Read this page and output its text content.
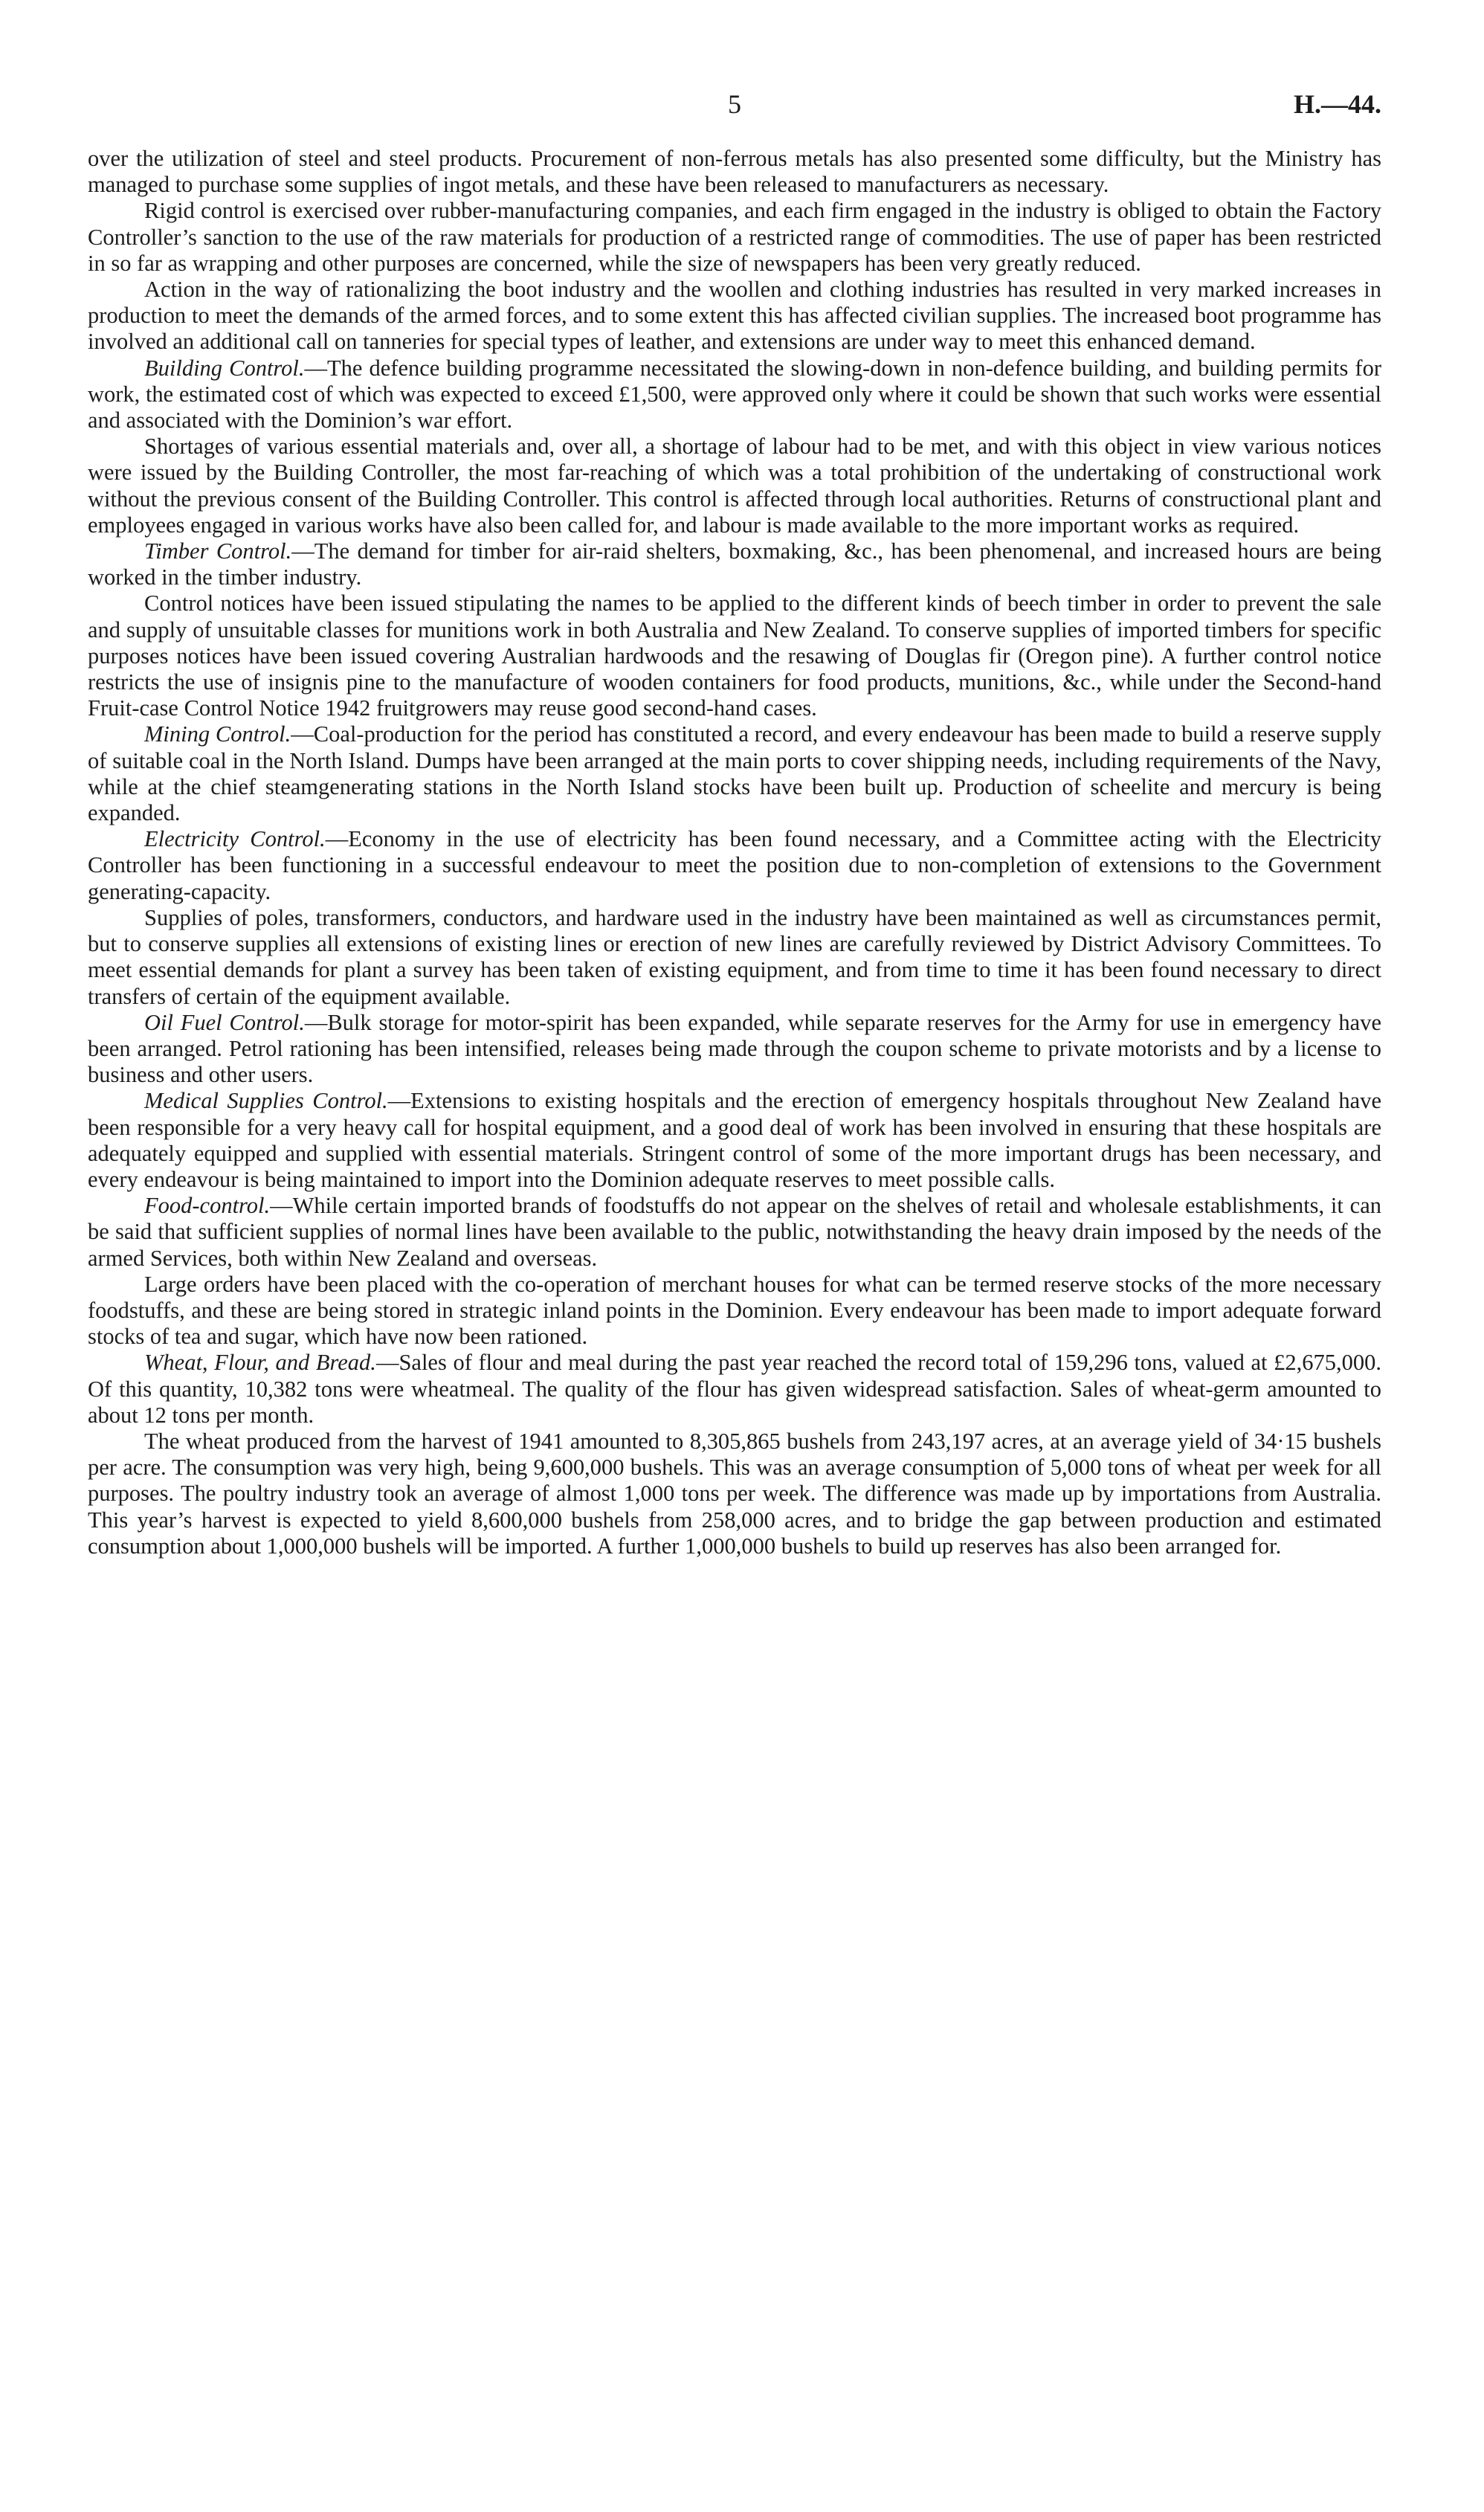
5	H.—44.

over the utilization of steel and steel products. Procurement of non-ferrous metals has also presented some difficulty, but the Ministry has managed to purchase some supplies of ingot metals, and these have been released to manufacturers as necessary.

Rigid control is exercised over rubber-manufacturing companies, and each firm engaged in the industry is obliged to obtain the Factory Controller’s sanction to the use of the raw materials for production of a restricted range of commodities. The use of paper has been restricted in so far as wrapping and other purposes are concerned, while the size of newspapers has been very greatly reduced.

Action in the way of rationalizing the boot industry and the woollen and clothing industries has resulted in very marked increases in production to meet the demands of the armed forces, and to some extent this has affected civilian supplies. The increased boot programme has involved an additional call on tanneries for special types of leather, and extensions are under way to meet this enhanced demand.

Building Control.—The defence building programme necessitated the slowing-down in non-defence building, and building permits for work, the estimated cost of which was expected to exceed £1,500, were approved only where it could be shown that such works were essential and associated with the Dominion’s war effort.

Shortages of various essential materials and, over all, a shortage of labour had to be met, and with this object in view various notices were issued by the Building Controller, the most far-reaching of which was a total prohibition of the undertaking of constructional work without the previous consent of the Building Controller. This control is affected through local authorities. Returns of constructional plant and employees engaged in various works have also been called for, and labour is made available to the more important works as required.

Timber Control.—The demand for timber for air-raid shelters, boxmaking, &c., has been phenomenal, and increased hours are being worked in the timber industry.

Control notices have been issued stipulating the names to be applied to the different kinds of beech timber in order to prevent the sale and supply of unsuitable classes for munitions work in both Australia and New Zealand. To conserve supplies of imported timbers for specific purposes notices have been issued covering Australian hardwoods and the resawing of Douglas fir (Oregon pine). A further control notice restricts the use of insignis pine to the manufacture of wooden containers for food products, munitions, &c., while under the Second-hand Fruit-case Control Notice 1942 fruitgrowers may reuse good second-hand cases.

Mining Control.—Coal-production for the period has constituted a record, and every endeavour has been made to build a reserve supply of suitable coal in the North Island. Dumps have been arranged at the main ports to cover shipping needs, including requirements of the Navy, while at the chief steamgenerating stations in the North Island stocks have been built up. Production of scheelite and mercury is being expanded.

Electricity Control.—Economy in the use of electricity has been found necessary, and a Committee acting with the Electricity Controller has been functioning in a successful endeavour to meet the position due to non-completion of extensions to the Government generating-capacity.

Supplies of poles, transformers, conductors, and hardware used in the industry have been maintained as well as circumstances permit, but to conserve supplies all extensions of existing lines or erection of new lines are carefully reviewed by District Advisory Committees. To meet essential demands for plant a survey has been taken of existing equipment, and from time to time it has been found necessary to direct transfers of certain of the equipment available.

Oil Fuel Control.—Bulk storage for motor-spirit has been expanded, while separate reserves for the Army for use in emergency have been arranged. Petrol rationing has been intensified, releases being made through the coupon scheme to private motorists and by a license to business and other users.

Medical Supplies Control.—Extensions to existing hospitals and the erection of emergency hospitals throughout New Zealand have been responsible for a very heavy call for hospital equipment, and a good deal of work has been involved in ensuring that these hospitals are adequately equipped and supplied with essential materials. Stringent control of some of the more important drugs has been necessary, and every endeavour is being maintained to import into the Dominion adequate reserves to meet possible calls.

Food-control.—While certain imported brands of foodstuffs do not appear on the shelves of retail and wholesale establishments, it can be said that sufficient supplies of normal lines have been available to the public, notwithstanding the heavy drain imposed by the needs of the armed Services, both within New Zealand and overseas.

Large orders have been placed with the co-operation of merchant houses for what can be termed reserve stocks of the more necessary foodstuffs, and these are being stored in strategic inland points in the Dominion. Every endeavour has been made to import adequate forward stocks of tea and sugar, which have now been rationed.

Wheat, Flour, and Bread.—Sales of flour and meal during the past year reached the record total of 159,296 tons, valued at £2,675,000. Of this quantity, 10,382 tons were wheatmeal. The quality of the flour has given widespread satisfaction. Sales of wheat-germ amounted to about 12 tons per month.

The wheat produced from the harvest of 1941 amounted to 8,305,865 bushels from 243,197 acres, at an average yield of 34·15 bushels per acre. The consumption was very high, being 9,600,000 bushels. This was an average consumption of 5,000 tons of wheat per week for all purposes. The poultry industry took an average of almost 1,000 tons per week. The difference was made up by importations from Australia. This year’s harvest is expected to yield 8,600,000 bushels from 258,000 acres, and to bridge the gap between production and estimated consumption about 1,000,000 bushels will be imported. A further 1,000,000 bushels to build up reserves has also been arranged for.
